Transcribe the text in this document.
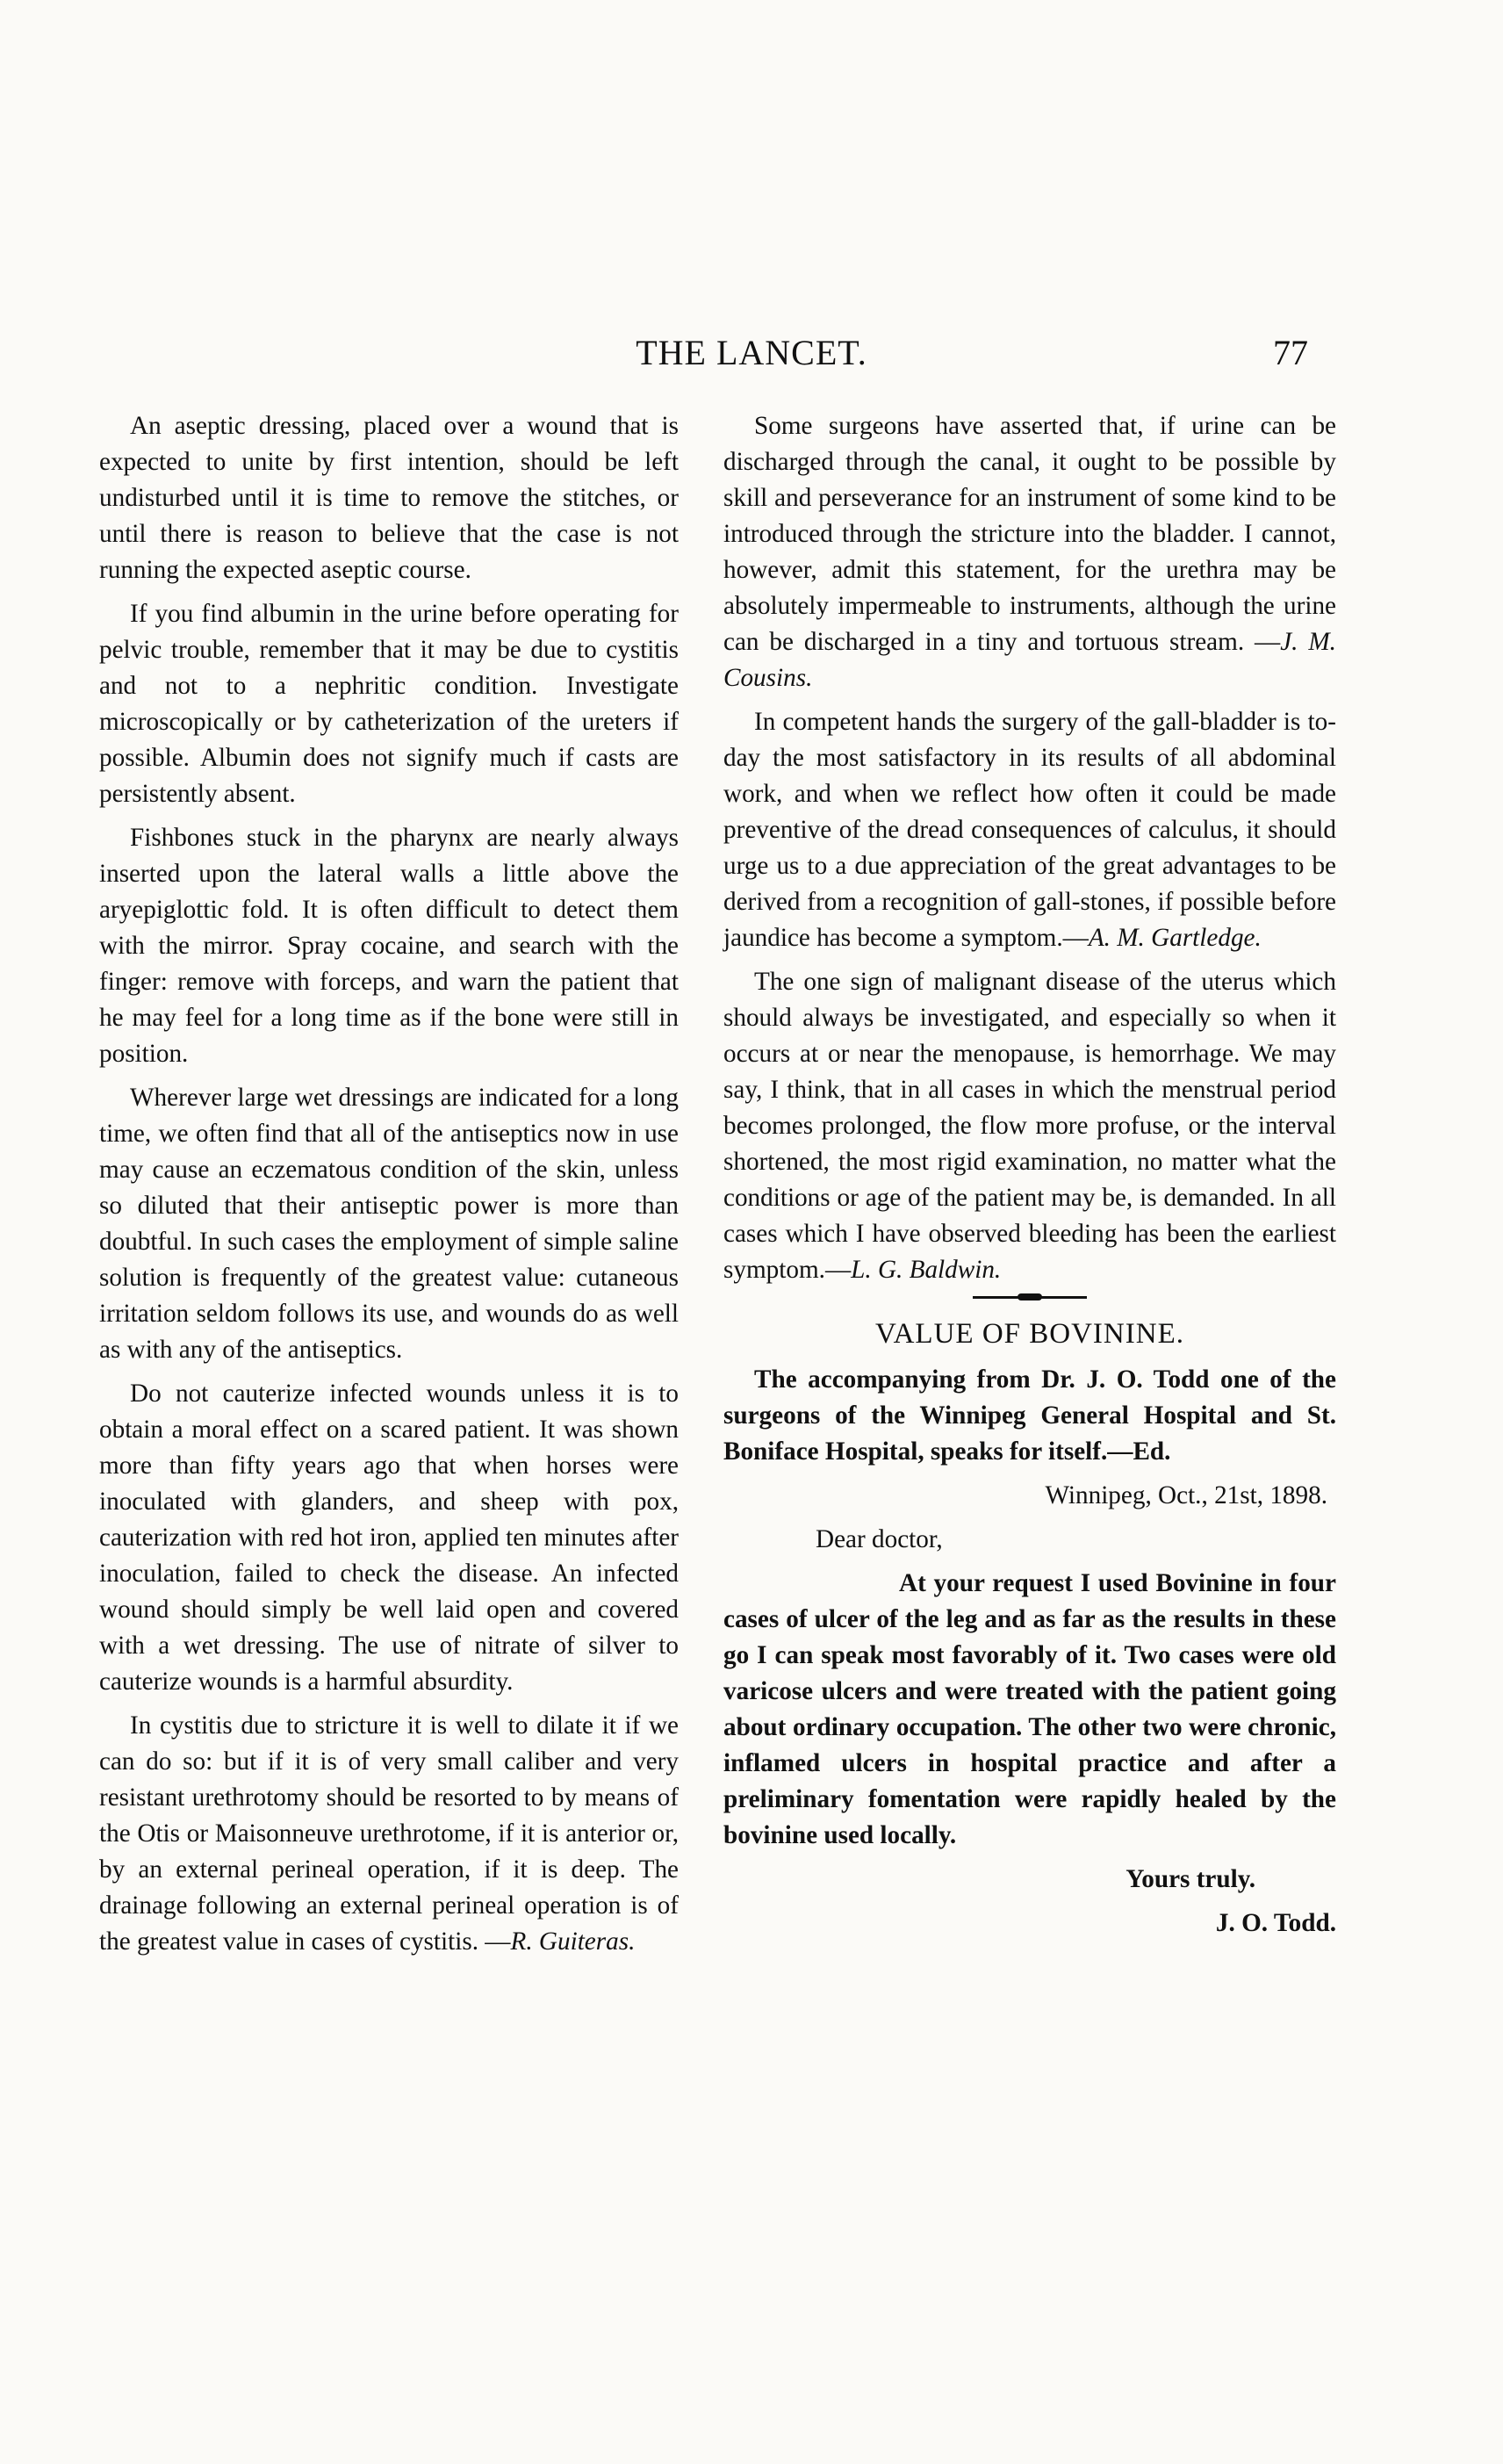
THE LANCET.	77

An aseptic dressing, placed over a wound that is expected to unite by first intention, should be left undisturbed until it is time to remove the stitches, or until there is reason to believe that the case is not running the expected aseptic course.

If you find albumin in the urine before operating for pelvic trouble, remember that it may be due to cystitis and not to a nephritic condition. Investigate microscopically or by catheterization of the ureters if possible. Albumin does not signify much if casts are persistently absent.

Fishbones stuck in the pharynx are nearly always inserted upon the lateral walls a little above the aryepiglottic fold. It is often difficult to detect them with the mirror. Spray cocaine, and search with the finger: remove with forceps, and warn the patient that he may feel for a long time as if the bone were still in position.

Wherever large wet dressings are indicated for a long time, we often find that all of the antiseptics now in use may cause an eczematous condition of the skin, unless so diluted that their antiseptic power is more than doubtful. In such cases the employment of simple saline solution is frequently of the greatest value: cutaneous irritation seldom follows its use, and wounds do as well as with any of the antiseptics.

Do not cauterize infected wounds unless it is to obtain a moral effect on a scared patient. It was shown more than fifty years ago that when horses were inoculated with glanders, and sheep with pox, cauterization with red hot iron, applied ten minutes after inoculation, failed to check the disease. An infected wound should simply be well laid open and covered with a wet dressing. The use of nitrate of silver to cauterize wounds is a harmful absurdity.

In cystitis due to stricture it is well to dilate it if we can do so: but if it is of very small caliber and very resistant urethrotomy should be resorted to by means of the Otis or Maisonneuve urethrotome, if it is anterior or, by an external perineal operation, if it is deep. The drainage following an external perineal operation is of the greatest value in cases of cystitis. —R. Guiteras.

Some surgeons have asserted that, if urine can be discharged through the canal, it ought to be possible by skill and perseverance for an instrument of some kind to be introduced through the stricture into the bladder. I cannot, however, admit this statement, for the urethra may be absolutely impermeable to instruments, although the urine can be discharged in a tiny and tortuous stream. —J. M. Cousins.

In competent hands the surgery of the gall-bladder is to-day the most satisfactory in its results of all abdominal work, and when we reflect how often it could be made preventive of the dread consequences of calculus, it should urge us to a due appreciation of the great advantages to be derived from a recognition of gall-stones, if possible before jaundice has become a symptom.—A. M. Gartledge.

The one sign of malignant disease of the uterus which should always be investigated, and especially so when it occurs at or near the menopause, is hemorrhage. We may say, I think, that in all cases in which the menstrual period becomes prolonged, the flow more profuse, or the interval shortened, the most rigid examination, no matter what the conditions or age of the patient may be, is demanded. In all cases which I have observed bleeding has been the earliest symptom.—L. G. Baldwin.

VALUE OF BOVININE.

The accompanying from Dr. J. O. Todd one of the surgeons of the Winnipeg General Hospital and St. Boniface Hospital, speaks for itself.—Ed.

Winnipeg, Oct., 21st, 1898.

Dear doctor,

At your request I used Bovinine in four cases of ulcer of the leg and as far as the results in these go I can speak most favorably of it. Two cases were old varicose ulcers and were treated with the patient going about ordinary occupation. The other two were chronic, inflamed ulcers in hospital practice and after a preliminary fomentation were rapidly healed by the bovinine used locally.

Yours truly.

J. O. Todd.
